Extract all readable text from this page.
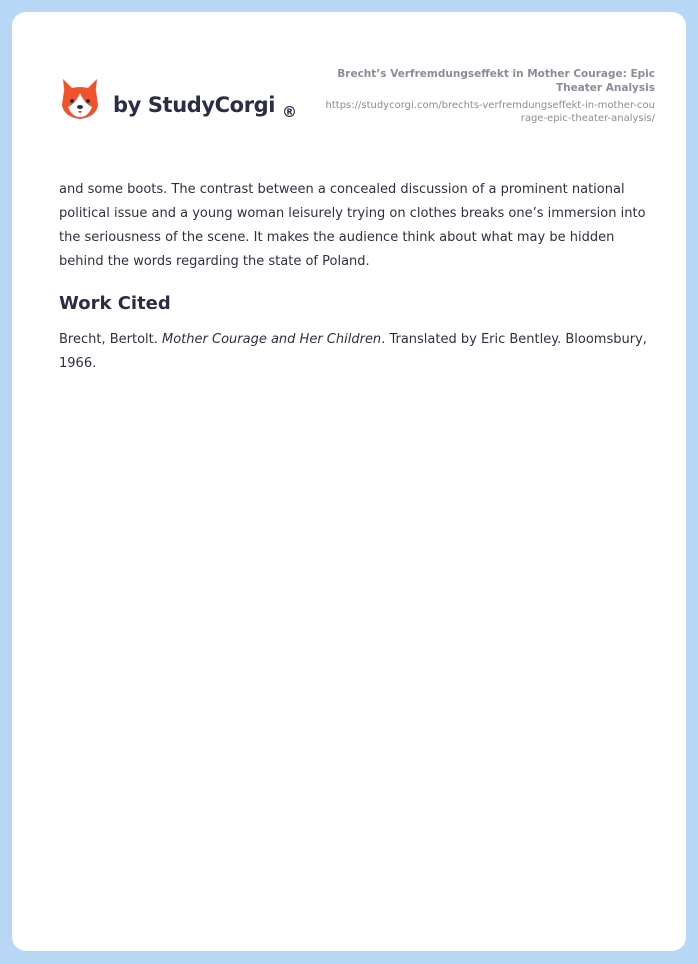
by StudyCorgi ®
Brecht’s Verfremdungseffekt in Mother Courage: Epic Theater Analysis
https://studycorgi.com/brechts-verfremdungseffekt-in-mother-courage-epic-theater-analysis/

and some boots. The contrast between a concealed discussion of a prominent national political issue and a young woman leisurely trying on clothes breaks one’s immersion into the seriousness of the scene. It makes the audience think about what may be hidden behind the words regarding the state of Poland.

Work Cited

Brecht, Bertolt. Mother Courage and Her Children. Translated by Eric Bentley. Bloomsbury, 1966.
